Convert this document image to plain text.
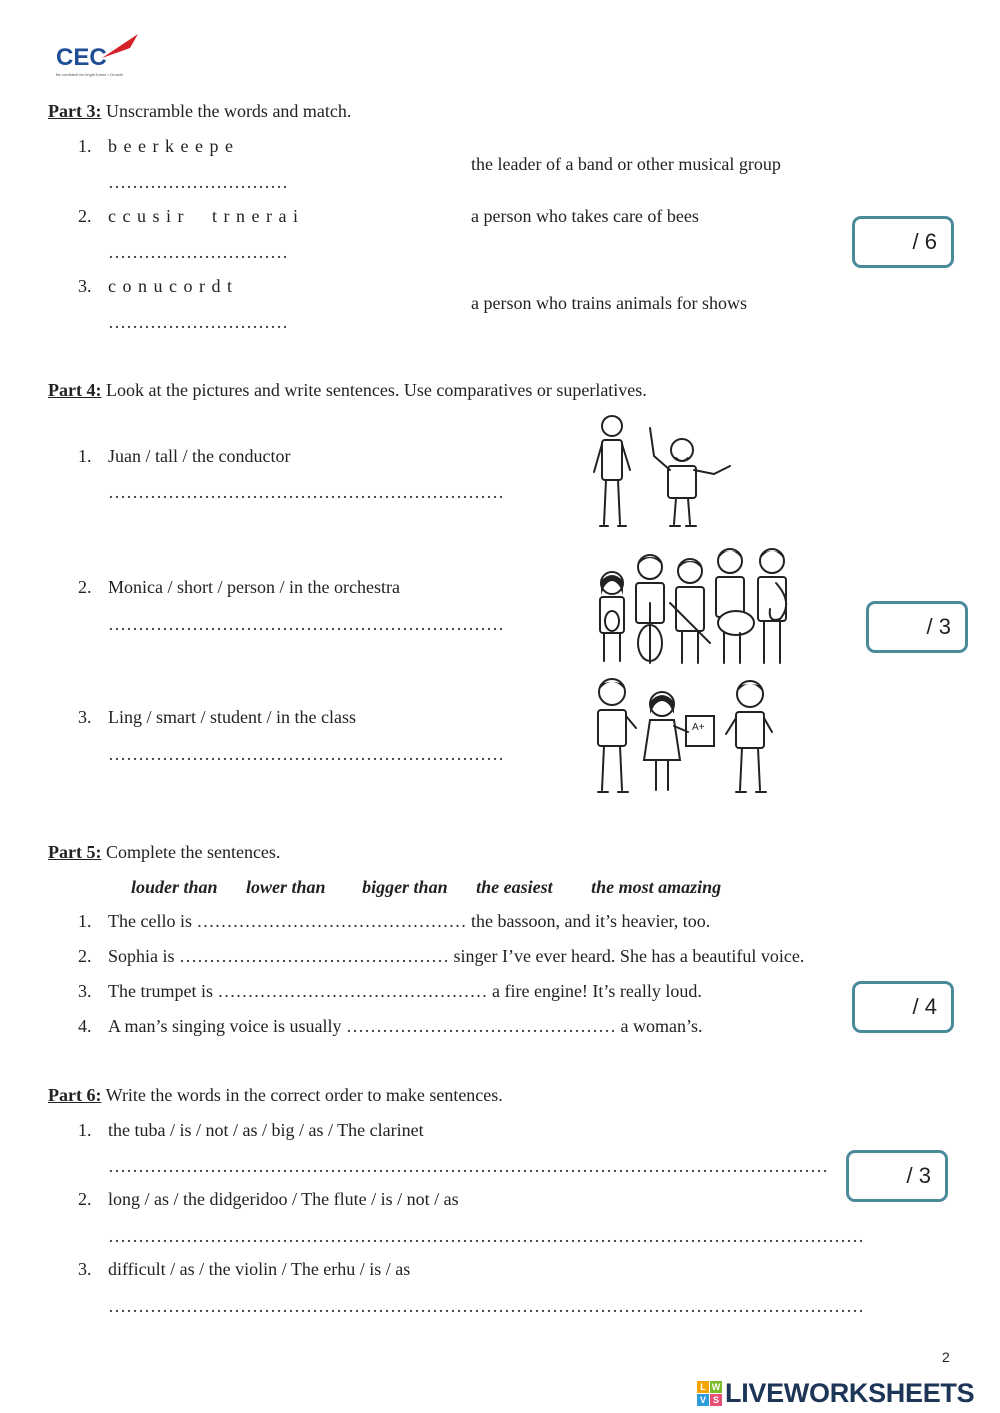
CEC
Be confident for bright future • Growth
Part 3: Unscramble the words and match.
1. b e e r k e e p e
…………………………
2. c c u s i r     t r n e r a i
…………………………
3. c o n u c o r d t
…………………………
the leader of a band or other musical group
a person who takes care of bees
a person who trains animals for shows
/ 6
Part 4: Look at the pictures and write sentences. Use comparatives or superlatives.
1. Juan / tall / the conductor
…………………………………………………………
2. Monica / short / person / in the orchestra
…………………………………………………………
3. Ling / smart / student / in the class
…………………………………………………………
A+
/ 3
Part 5: Complete the sentences.
louder than lower than bigger than the easiest the most amazing
1. The cello is ……………………………………… the bassoon, and it’s heavier, too.
2. Sophia is ……………………………………… singer I’ve ever heard. She has a beautiful voice.
3. The trumpet is ……………………………………… a fire engine! It’s really loud.
4. A man’s singing voice is usually ……………………………………… a woman’s.
/ 4
Part 6: Write the words in the correct order to make sentences.
1. the tuba / is / not / as / big / as / The clarinet
…………………………………………………………………………………………………………
2. long / as / the didgeridoo / The flute / is / not / as
………………………………………………………………………………………………………………
3. difficult / as / the violin / The erhu / is / as
………………………………………………………………………………………………………………
/ 3
2
L W
V S LIVEWORKSHEETS
